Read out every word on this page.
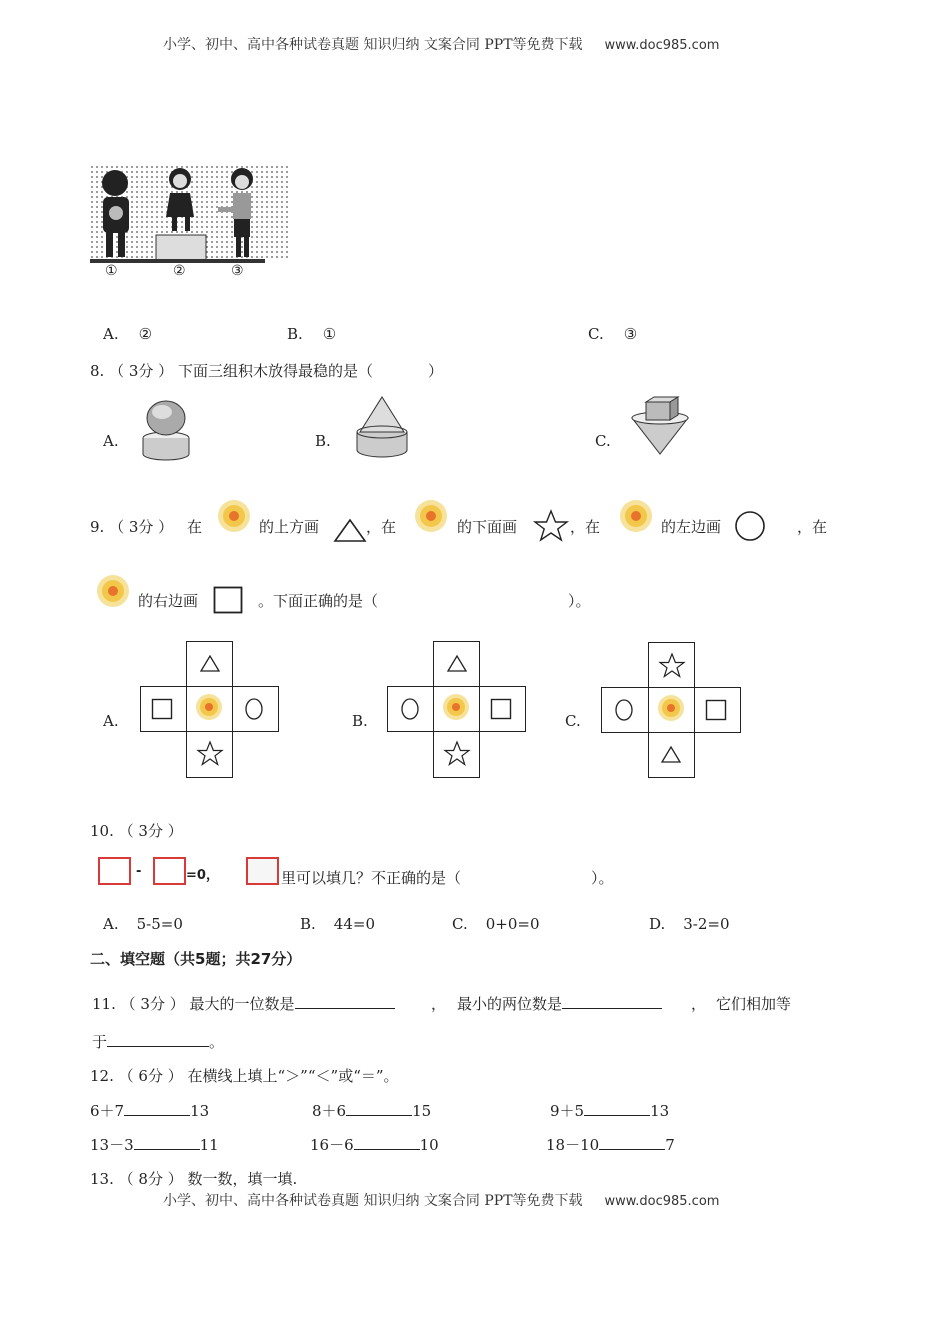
小学、初中、高中各种试卷真题 知识归纳 文案合同 PPT等免费下载 www.doc985.com
①	②	③
A. ②	B. ①	C. ③
8. （ 3分 ） 下面三组积木放得最稳的是（	）
A.	B.	C.
9. （ 3分 ） 在	的上方画	，在	的下面画	，在	的左边画	，在
的右边画	。下面正确的是（	）。
A.	B.	C.
10. （ 3分 ）
-	=0，	里可以填几？不正确的是（	）。
A. 5-5=0	B. 44=0	C. 0+0=0	D. 3-2=0
二、填空题（共5题；共27分）
11. （ 3分 ） 最大的一位数是	， 最小的两位数是	， 它们相加等
于	。
12. （ 6分 ） 在横线上填上“＞”“＜”或“＝”。
6＋7	13	8＋6	15	9＋5	13
13－3	11	16－6	10	18－10	7
13. （ 8分 ） 数一数，填一填.
小学、初中、高中各种试卷真题 知识归纳 文案合同 PPT等免费下载 www.doc985.com
